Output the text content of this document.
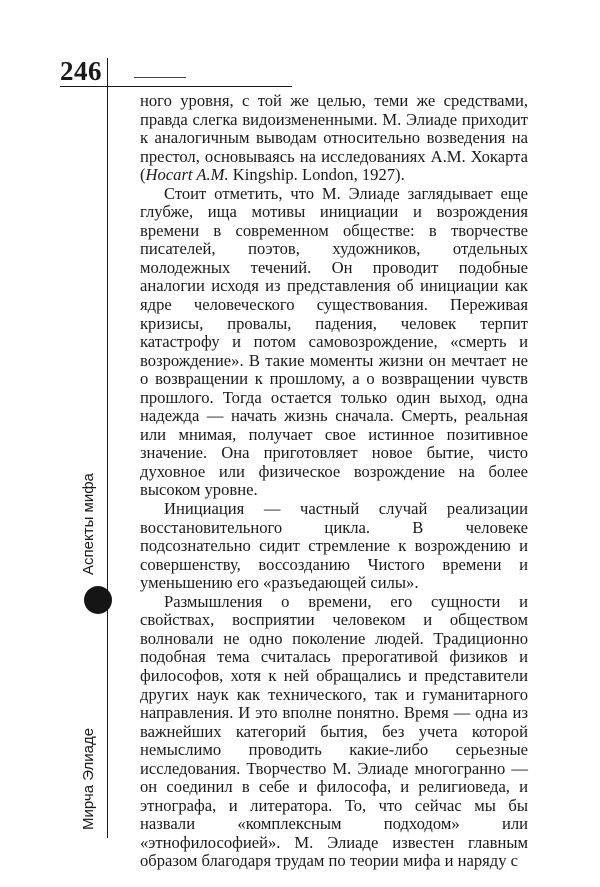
246
Аспекты мифа
Мирча Элиаде

ного уровня, с той же целью, теми же средствами, правда слегка видоизмененными. М. Элиаде приходит к аналогичным выводам относительно возведения на престол, основываясь на исследованиях А.М. Хокарта (Hocart A.M. Kingship. London, 1927).

Стоит отметить, что М. Элиаде заглядывает еще глубже, ища мотивы инициации и возрождения времени в современном обществе: в творчестве писателей, поэтов, художников, отдельных молодежных течений. Он проводит подобные аналогии исходя из представления об инициации как ядре человеческого существования. Переживая кризисы, провалы, падения, человек терпит катастрофу и потом самовозрождение, «смерть и возрождение». В такие моменты жизни он мечтает не о возвращении к прошлому, а о возвращении чувств прошлого. Тогда остается только один выход, одна надежда — начать жизнь сначала. Смерть, реальная или мнимая, получает свое истинное позитивное значение. Она приготовляет новое бытие, чисто духовное или физическое возрождение на более высоком уровне.

Инициация — частный случай реализации восстановительного цикла. В человеке подсознательно сидит стремление к возрождению и совершенству, воссозданию Чистого времени и уменьшению его «разъедающей силы».

Размышления о времени, его сущности и свойствах, восприятии человеком и обществом волновали не одно поколение людей. Традиционно подобная тема считалась прерогативой физиков и философов, хотя к ней обращались и представители других наук как технического, так и гуманитарного направления. И это вполне понятно. Время — одна из важнейших категорий бытия, без учета которой немыслимо проводить какие-либо серьезные исследования. Творчество М. Элиаде многогранно — он соединил в себе и философа, и религиоведа, и этнографа, и литератора. То, что сейчас мы бы назвали «комплексным подходом» или «этнофилософией». М. Элиаде известен главным образом благодаря трудам по теории мифа и наряду с
